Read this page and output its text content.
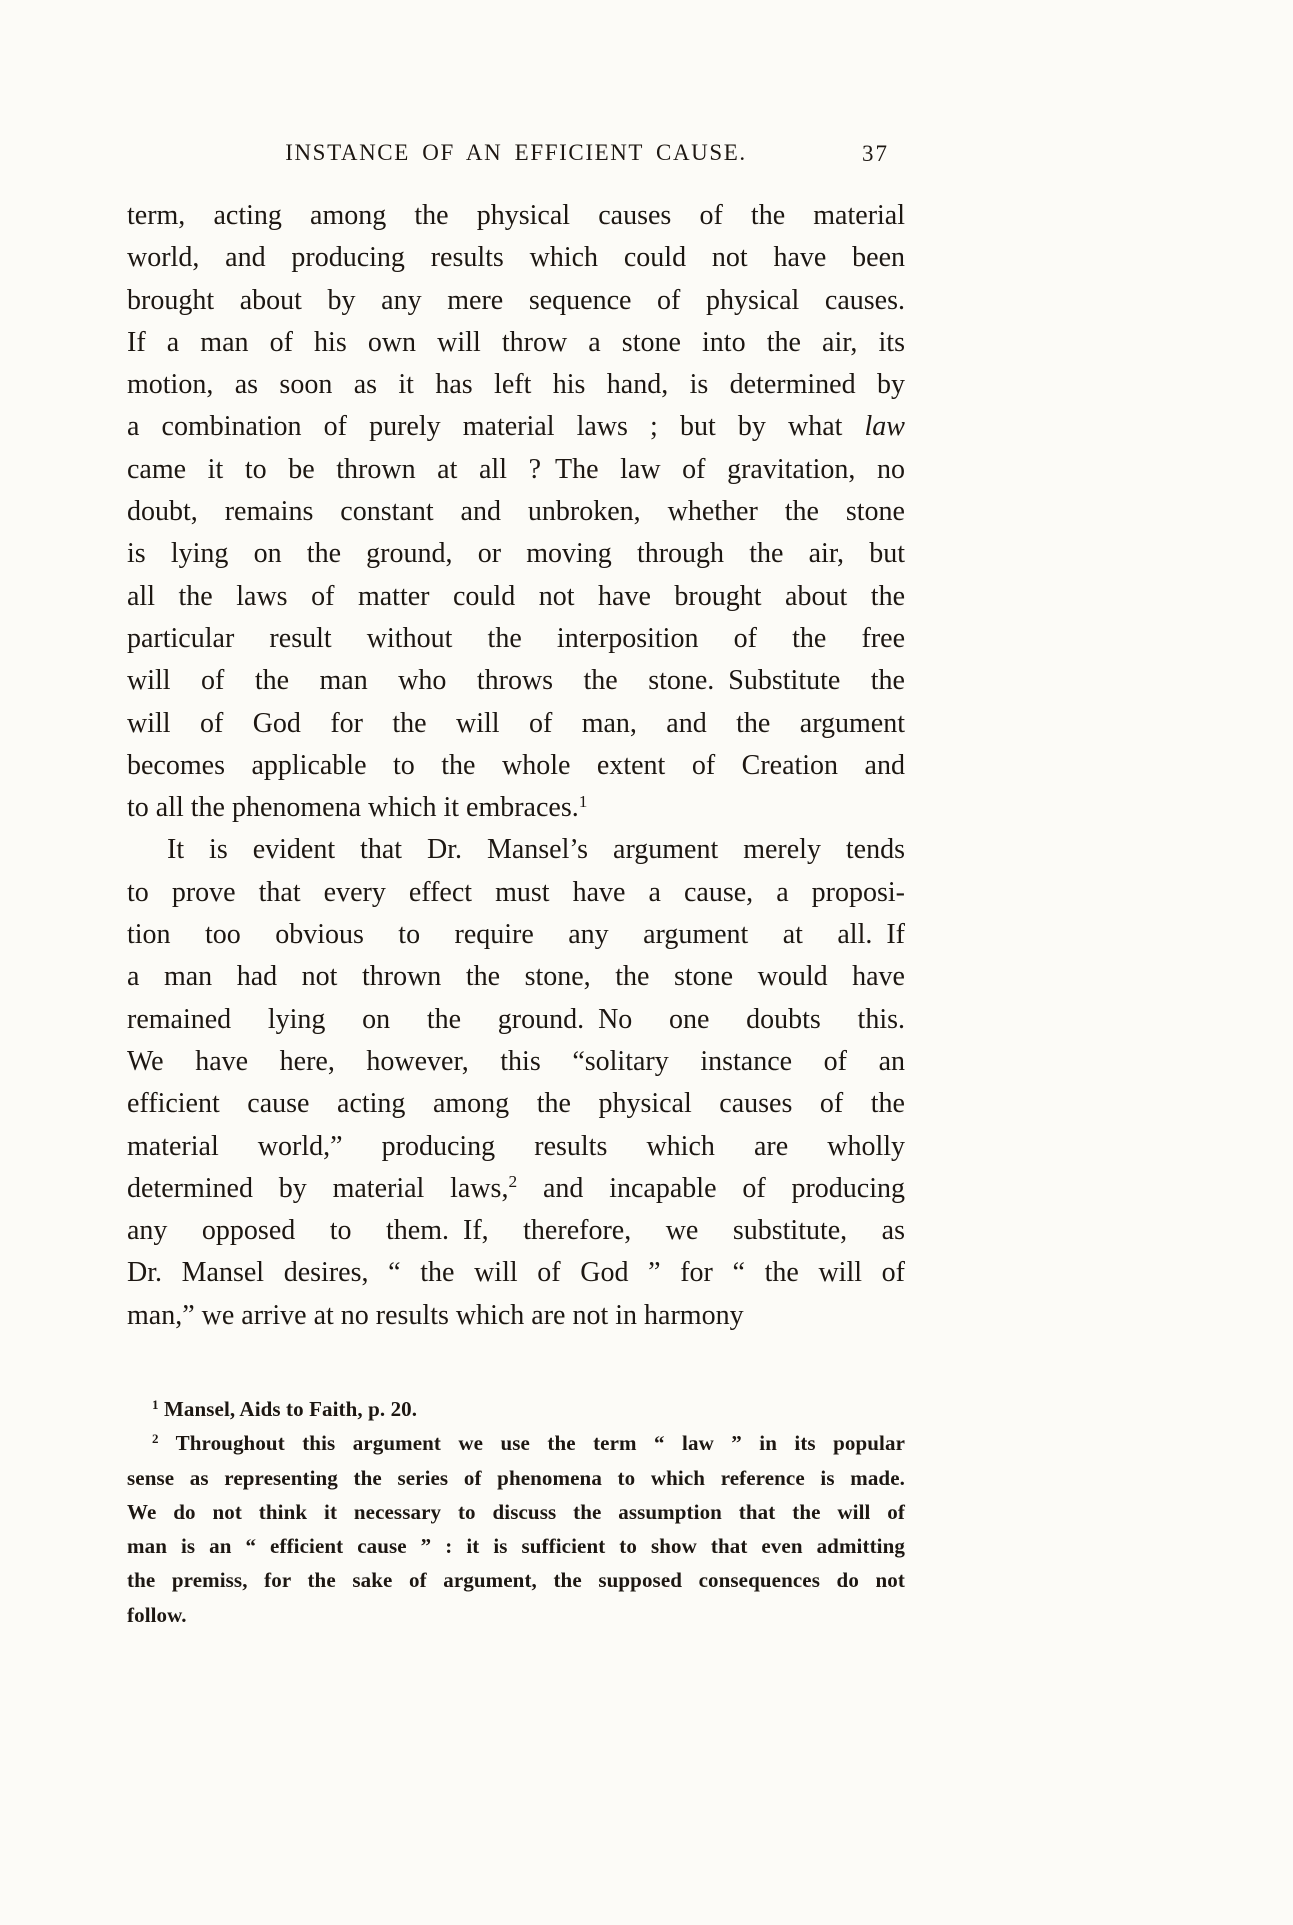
INSTANCE OF AN EFFICIENT CAUSE.	37
term, acting among the physical causes of the material
world, and producing results which could not have been
brought about by any mere sequence of physical causes.
If a man of his own will throw a stone into the air, its
motion, as soon as it has left his hand, is determined by
a combination of purely material laws ; but by what law
came it to be thrown at all ? The law of gravitation, no
doubt, remains constant and unbroken, whether the stone
is lying on the ground, or moving through the air, but
all the laws of matter could not have brought about the
particular result without the interposition of the free
will of the man who throws the stone. Substitute the
will of God for the will of man, and the argument
becomes applicable to the whole extent of Creation and
to all the phenomena which it embraces.$^1$
It is evident that Dr. Mansel’s argument merely tends
to prove that every effect must have a cause, a proposi-
tion too obvious to require any argument at all. If
a man had not thrown the stone, the stone would have
remained lying on the ground. No one doubts this.
We have here, however, this “solitary instance of an
efficient cause acting among the physical causes of the
material world,” producing results which are wholly
determined by material laws,$^2$ and incapable of producing
any opposed to them. If, therefore, we substitute, as
Dr. Mansel desires, “ the will of God ” for “ the will of
man,” we arrive at no results which are not in harmony
$^1$ Mansel, Aids to Faith, p. 20.
$^2$ Throughout this argument we use the term “ law ” in its popular
sense as representing the series of phenomena to which reference is made.
We do not think it necessary to discuss the assumption that the will of
man is an “ efficient cause ” : it is sufficient to show that even admitting
the premiss, for the sake of argument, the supposed consequences do not
follow.
